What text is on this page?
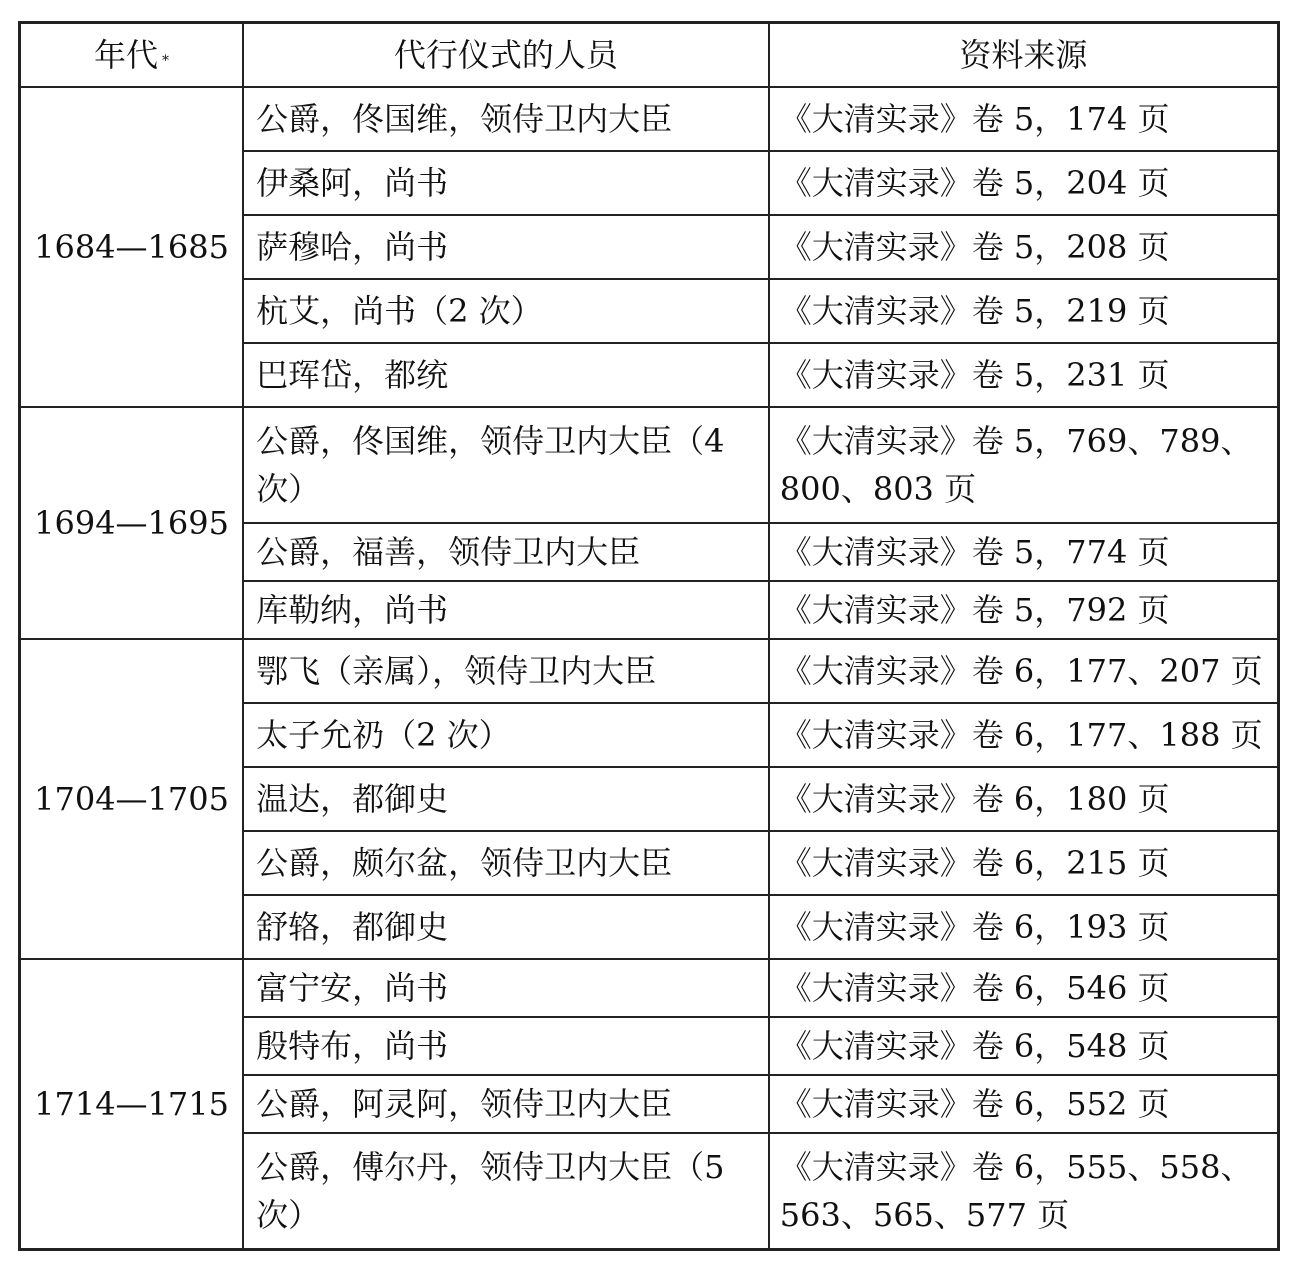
年代 *	代行仪式的人员	资料来源
1684—1685	公爵，佟国维，领侍卫内大臣	《大清实录》卷 5，174 页
	伊桑阿，尚书	《大清实录》卷 5，204 页
	萨穆哈，尚书	《大清实录》卷 5，208 页
	杭艾，尚书（2 次）	《大清实录》卷 5，219 页
	巴珲岱，都统	《大清实录》卷 5，231 页
1694—1695	公爵，佟国维，领侍卫内大臣（4 次）	《大清实录》卷 5，769、789、800、803 页
	公爵，福善，领侍卫内大臣	《大清实录》卷 5，774 页
	库勒纳，尚书	《大清实录》卷 5，792 页
1704—1705	鄂飞（亲属），领侍卫内大臣	《大清实录》卷 6，177、207 页
	太子允礽（2 次）	《大清实录》卷 6，177、188 页
	温达，都御史	《大清实录》卷 6，180 页
	公爵，颇尔盆，领侍卫内大臣	《大清实录》卷 6，215 页
	舒辂，都御史	《大清实录》卷 6，193 页
1714—1715	富宁安，尚书	《大清实录》卷 6，546 页
	殷特布，尚书	《大清实录》卷 6，548 页
	公爵，阿灵阿，领侍卫内大臣	《大清实录》卷 6，552 页
	公爵，傅尔丹，领侍卫内大臣（5 次）	《大清实录》卷 6，555、558、563、565、577 页
